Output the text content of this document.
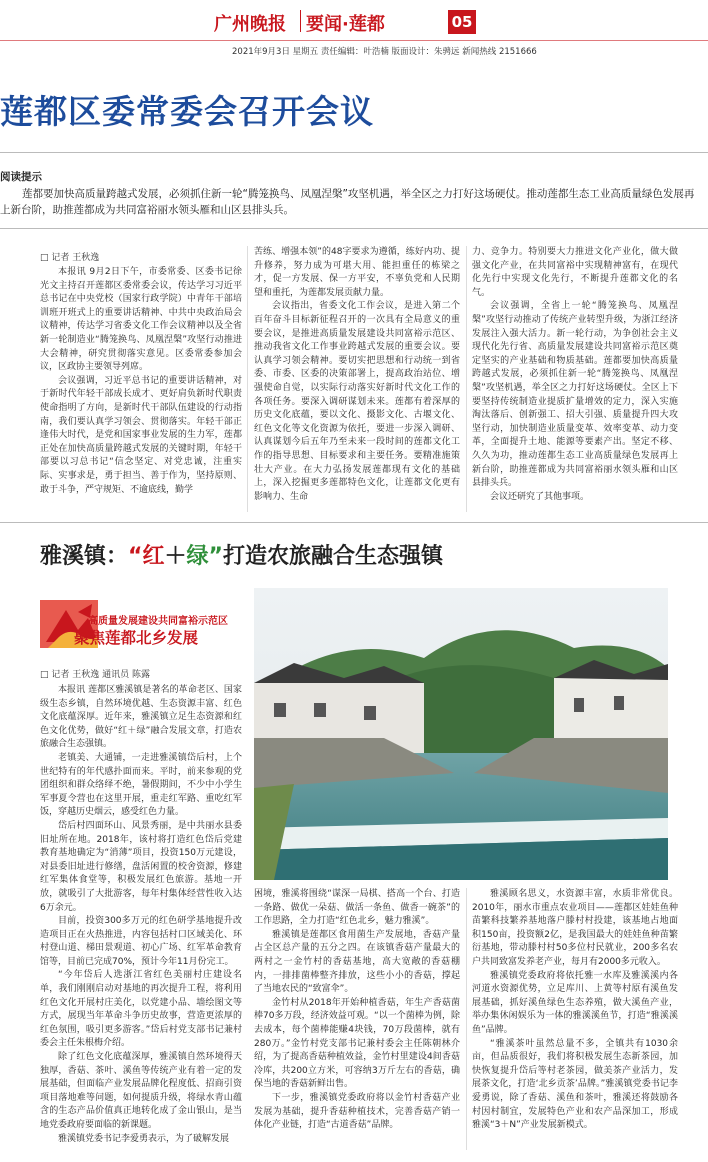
广州晚报 要闻·莲都	05
2021年9月3日 星期五 责任编辑：叶浩楠 版面设计：朱骋远 新闻热线 2151666
莲都区委常委会召开会议
阅读提示
莲都要加快高质量跨越式发展，必须抓住新一轮“腾笼换鸟、凤凰涅槃”攻坚机遇，举全区之力打好这场硬仗。推动莲都生态工业高质量绿色发展再上新台阶，助推莲都成为共同富裕丽水领头雁和山区县排头兵。
□ 记者 王秋逸

本报讯 9月2日下午，市委常委、区委书记徐光文主持召开莲都区委常委会议，传达学习习近平总书记在中央党校（国家行政学院）中青年干部培训班开班式上的重要讲话精神、中共中央政治局会议精神，传达学习省委文化工作会议精神以及全省新一轮制造业“腾笼换鸟、凤凰涅槃”攻坚行动推进大会精神，研究贯彻落实意见。区委常委参加会议，区政协主要领导列席。

会议强调，习近平总书记的重要讲话精神，对于新时代年轻干部成长成才、更好肩负新时代职责使命指明了方向，是新时代干部队伍建设的行动指南，我们要认真学习领会、贯彻落实。年轻干部正逢伟大时代，是党和国家事业发展的生力军，莲都正处在加快高质量跨越式发展的关键时期，年轻干部要以习总书记“信念坚定、对党忠诚，注重实际、实事求是，勇于担当、善于作为，坚持原则、敢于斗争，严守规矩、不逾底线，勤学

苦练、增强本领”的48字要求为遵循，练好内功、提升修养，努力成为可堪大用、能担重任的栋梁之才，促一方发展、保一方平安，不辜负党和人民期望和重托，为莲都发展贡献力量。

会议指出，省委文化工作会议，是进入第二个百年奋斗目标新征程召开的一次具有全局意义的重要会议，是推进高质量发展建设共同富裕示范区、推动我省文化工作事业跨越式发展的重要会议。要认真学习领会精神。要切实把思想和行动统一到省委、市委、区委的决策部署上，提高政治站位、增强使命自觉，以实际行动落实好新时代文化工作的各项任务。要深入调研谋划未来。莲都有着深厚的历史文化底蕴，要以文化、摄影文化、古堰文化、红色文化等文化资源为依托，要进一步深入调研、认真谋划今后五年乃至未来一段时间的莲都文化工作的指导思想、目标要求和主要任务。要精准施策壮大产业。在大力弘扬发展莲都现有文化的基础上，深入挖掘更多莲都特色文化，让莲都文化更有影响力、生命

力、竞争力。特别要大力推进文化产业化，做大做强文化产业，在共同富裕中实现精神富有，在现代化先行中实现文化先行，不断提升莲都文化的名气。

会议强调，全省上一轮“腾笼换鸟、凤凰涅槃”攻坚行动推动了传统产业转型升级，为浙江经济发展注入强大活力。新一轮行动，为争创社会主义现代化先行省、高质量发展建设共同富裕示范区奠定坚实的产业基础和物质基础。莲都要加快高质量跨越式发展，必须抓住新一轮“腾笼换鸟、凤凰涅槃”攻坚机遇，举全区之力打好这场硬仗。全区上下要坚持传统制造业提质扩量增效的定力，深入实施淘汰落后、创新强工、招大引强、质量提升四大攻坚行动，加快制造业质量变革、效率变革、动力变革，全面提升土地、能源等要素产出。坚定不移、久久为功，推动莲都生态工业高质量绿色发展再上新台阶，助推莲都成为共同富裕丽水领头雁和山区县排头兵。

会议还研究了其他事项。

雅溪镇：“红＋绿”打造农旅融合生态强镇
高质量发展建设共同富裕示范区
聚焦莲都北乡发展
□ 记者 王秋逸 通讯员 陈露

本报讯 莲都区雅溪镇是著名的革命老区、国家级生态乡镇，自然环境优越、生态资源丰富、红色文化底蕴深厚。近年来，雅溪镇立足生态资源和红色文化优势，做好“红＋绿”融合发展文章，打造农旅融合生态强镇。

老镇美、大通铺，一走进雅溪镇岱后村，上个世纪特有的年代感扑面而来。平时，前来参观的党团组织和群众络绎不绝，暑假期间，不少中小学生军事夏令营也在这里开展，重走红军路、重吃红军饭，穿越历史烟云，感受红色力量。

岱后村四面环山、风景秀丽，是中共丽水县委旧址所在地。2018年，该村将打造红色岱后党建教育基地确定为“消薄”项目，投资150万元建设，对县委旧址进行修缮，盘活闲置的校舍资源，修建红军集体食堂等，积极发展红色旅游。基地一开放，就吸引了大批游客，每年村集体经营性收入达6万余元。

目前，投资300多万元的红色研学基地提升改造项目正在火热推进，内容包括村口区域美化、环村登山道、梯田景观道、初心广场、红军革命教育馆等，目前已完成70%，预计今年11月份完工。

“今年岱后人选浙江省红色美丽村庄建设名单，我们刚刚启动对基地的再次提升工程，将利用红色文化开展村庄美化，以党建小品、墙绘图文等方式，展现当年革命斗争历史故事，营造更浓厚的红色氛围，吸引更多游客。”岱后村党支部书记兼村委会主任朱根梅介绍。

除了红色文化底蕴深厚，雅溪镇自然环境得天独厚，香菇、茶叶、溪鱼等传统产业有着一定的发展基础，但面临产业发展品牌化程度低、招商引资项目落地难等问题，如何提质升级，将绿水青山蕴含的生态产品价值真正地转化成了金山银山，是当地党委政府要面临的新课题。

雅溪镇党委书记李爱勇表示，为了破解发展

困境，雅溪将围绕“谋深一局棋、搭高一个台、打造一条路、做优一朵菇、做活一条鱼、做香一碗茶”的工作思路，全力打造“红色北乡，魅力雅溪”。

雅溪镇是莲都区食用菌生产发展地，香菇产量占全区总产量的五分之四。在该镇香菇产量最大的两村之一金竹村的香菇基地，高大宽敞的香菇棚内，一排排菌棒整齐排放，这些小小的香菇，撑起了当地农民的“致富伞”。

金竹村从2018年开始种植香菇，年生产香菇菌棒70多万段，经济效益可观。“以一个菌棒为例，除去成本，每个菌棒能赚4块钱，70万段菌棒，就有280万。”金竹村党支部书记兼村委会主任陈朝林介绍，为了提高香菇种植效益，金竹村里建设4间香菇冷库，共200立方米，可容纳3万斤左右的香菇，确保当地的香菇新鲜出售。

下一步，雅溪镇党委政府将以金竹村香菇产业发展为基础，提升香菇种植技术，完善香菇产销一体化产业链，打造“古道香菇”品牌。

雅溪顾名思义，水资源丰富，水质非常优良。2010年，丽水市重点农业项目——莲都区娃娃鱼种苗繁科技繁养基地落户滕村村投建，该基地占地面积150亩，投资额2亿，是我国最大的娃娃鱼种苗繁衍基地，带动滕村村50多位村民就业，200多名农户共同致富发养老产业，每月有2000多元收入。

雅溪镇党委政府将依托雅一水库及雅溪溪内各河道水资源优势，立足库川、上黄等村原有溪鱼发展基础，抓好溪鱼绿色生态养殖，做大溪鱼产业，举办集休闲娱乐为一体的雅溪溪鱼节，打造“雅溪溪鱼”品牌。

“雅溪茶叶虽然总量不多，全镇共有1030余亩，但品质很好，我们将积极发展生态新茶园，加快恢复提升岱后等村老茶园，做美茶产业活力，发展茶文化，打造‘北乡贡茶’品牌。”雅溪镇党委书记李爱勇说，除了香菇、溪鱼和茶叶，雅溪还将鼓励各村因村制宜，发展特色产业和农产品深加工，形成雅溪“3＋N”产业发展新模式。
